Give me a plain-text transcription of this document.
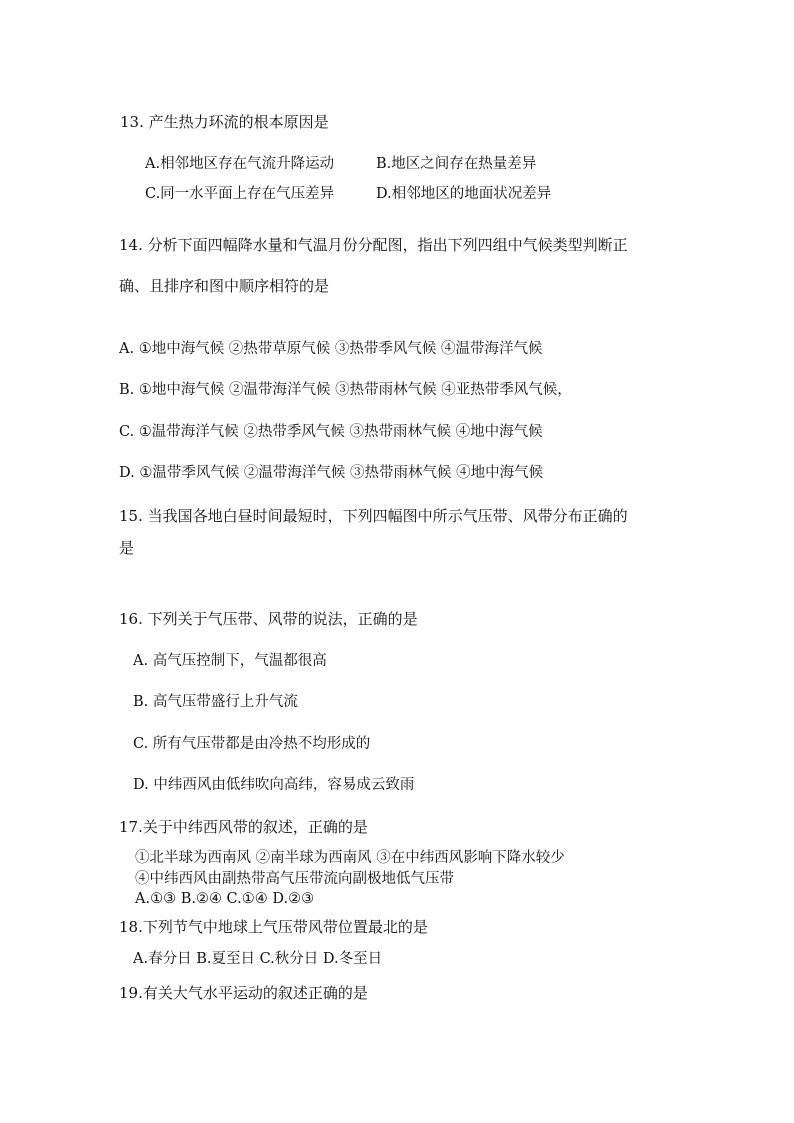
13. 产生热力环流的根本原因是
A.相邻地区存在气流升降运动	B.地区之间存在热量差异
C.同一水平面上存在气压差异	D.相邻地区的地面状况差异
14. 分析下面四幅降水量和气温月份分配图，指出下列四组中气候类型判断正
确、且排序和图中顺序相符的是
A. ①地中海气候 ②热带草原气候 ③热带季风气候 ④温带海洋气候
B. ①地中海气候 ②温带海洋气候 ③热带雨林气候 ④亚热带季风气候，
C. ①温带海洋气候 ②热带季风气候 ③热带雨林气候 ④地中海气候
D. ①温带季风气候 ②温带海洋气候 ③热带雨林气候 ④地中海气候
15. 当我国各地白昼时间最短时，下列四幅图中所示气压带、风带分布正确的
是
16. 下列关于气压带、风带的说法，正确的是
A. 高气压控制下，气温都很高
B. 高气压带盛行上升气流
C. 所有气压带都是由冷热不均形成的
D. 中纬西风由低纬吹向高纬，容易成云致雨
17.关于中纬西风带的叙述，正确的是
①北半球为西南风 ②南半球为西南风 ③在中纬西风影响下降水较少
④中纬西风由副热带高气压带流向副极地低气压带
A.①③ B.②④ C.①④ D.②③
18.下列节气中地球上气压带风带位置最北的是
A.春分日 B.夏至日 C.秋分日 D.冬至日
19.有关大气水平运动的叙述正确的是
